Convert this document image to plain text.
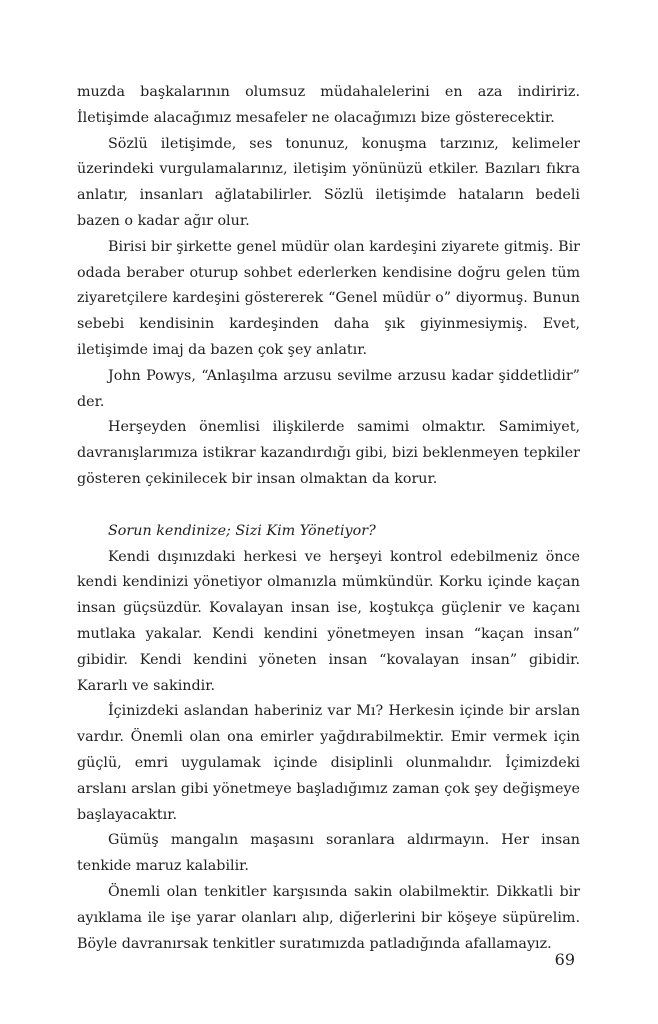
muzda başkalarının olumsuz müdahalelerini en aza indiririz. İletişimde alacağımız mesafeler ne olacağımızı bize gösterecektir.

Sözlü iletişimde, ses tonunuz, konuşma tarzınız, kelimeler üzerindeki vurgulamalarınız, iletişim yönünüzü etkiler. Bazıları fıkra anlatır, insanları ağlatabilirler. Sözlü iletişimde hataların bedeli bazen o kadar ağır olur.

Birisi bir şirkette genel müdür olan kardeşini ziyarete gitmiş. Bir odada beraber oturup sohbet ederlerken kendisine doğru gelen tüm ziyaretçilere kardeşini göstererek “Genel müdür o” diyormuş. Bunun sebebi kendisinin kardeşinden daha şık giyinmesiymiş. Evet, iletişimde imaj da bazen çok şey anlatır.

John Powys, “Anlaşılma arzusu sevilme arzusu kadar şiddetlidir” der.

Herşeyden önemlisi ilişkilerde samimi olmaktır. Samimiyet, davranışlarımıza istikrar kazandırdığı gibi, bizi beklenmeyen tepkiler gösteren çekinilecek bir insan olmaktan da korur.

Sorun kendinize; Sizi Kim Yönetiyor?

Kendi dışınızdaki herkesi ve herşeyi kontrol edebilmeniz önce kendi kendinizi yönetiyor olmanızla mümkündür. Korku içinde kaçan insan güçsüzdür. Kovalayan insan ise, koştukça güçlenir ve kaçanı mutlaka yakalar. Kendi kendini yönetmeyen insan “kaçan insan” gibidir. Kendi kendini yöneten insan “kovalayan insan” gibidir. Kararlı ve sakindir.

İçinizdeki aslandan haberiniz var Mı? Herkesin içinde bir arslan vardır. Önemli olan ona emirler yağdırabilmektir. Emir vermek için güçlü, emri uygulamak içinde disiplinli olunmalıdır. İçimizdeki arslanı arslan gibi yönetmeye başladığımız zaman çok şey değişmeye başlayacaktır.

Gümüş mangalın maşasını soranlara aldırmayın. Her insan tenkide maruz kalabilir.

Önemli olan tenkitler karşısında sakin olabilmektir. Dikkatli bir ayıklama ile işe yarar olanları alıp, diğerlerini bir köşeye süpürelim. Böyle davranırsak tenkitler suratımızda patladığında afallamayız.

69
